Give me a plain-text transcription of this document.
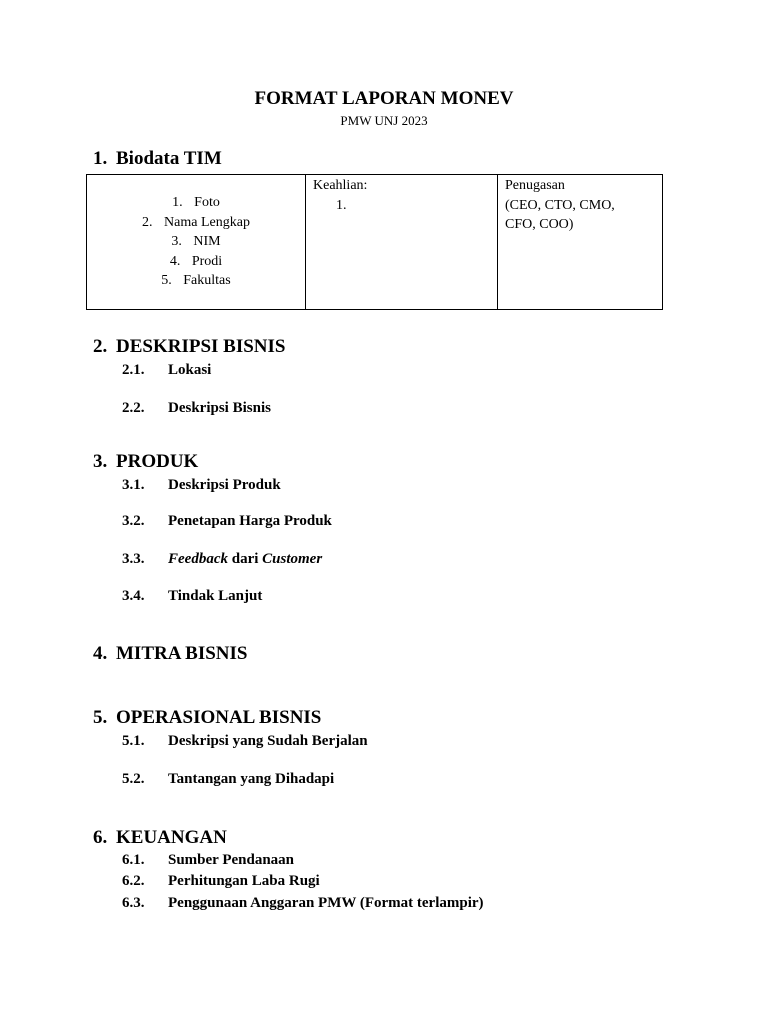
FORMAT LAPORAN MONEV
PMW UNJ 2023
1. Biodata TIM
1. Foto
2. Nama Lengkap
3. NIM
4. Prodi
5. Fakultas

Keahlian:
1.

Penugasan
(CEO, CTO, CMO,
CFO, COO)
2. DESKRIPSI BISNIS
2.1. Lokasi
2.2. Deskripsi Bisnis
3. PRODUK
3.1. Deskripsi Produk
3.2. Penetapan Harga Produk
3.3. Feedback dari Customer
3.4. Tindak Lanjut
4. MITRA BISNIS
5. OPERASIONAL BISNIS
5.1. Deskripsi yang Sudah Berjalan
5.2. Tantangan yang Dihadapi
6. KEUANGAN
6.1. Sumber Pendanaan
6.2. Perhitungan Laba Rugi
6.3. Penggunaan Anggaran PMW (Format terlampir)
